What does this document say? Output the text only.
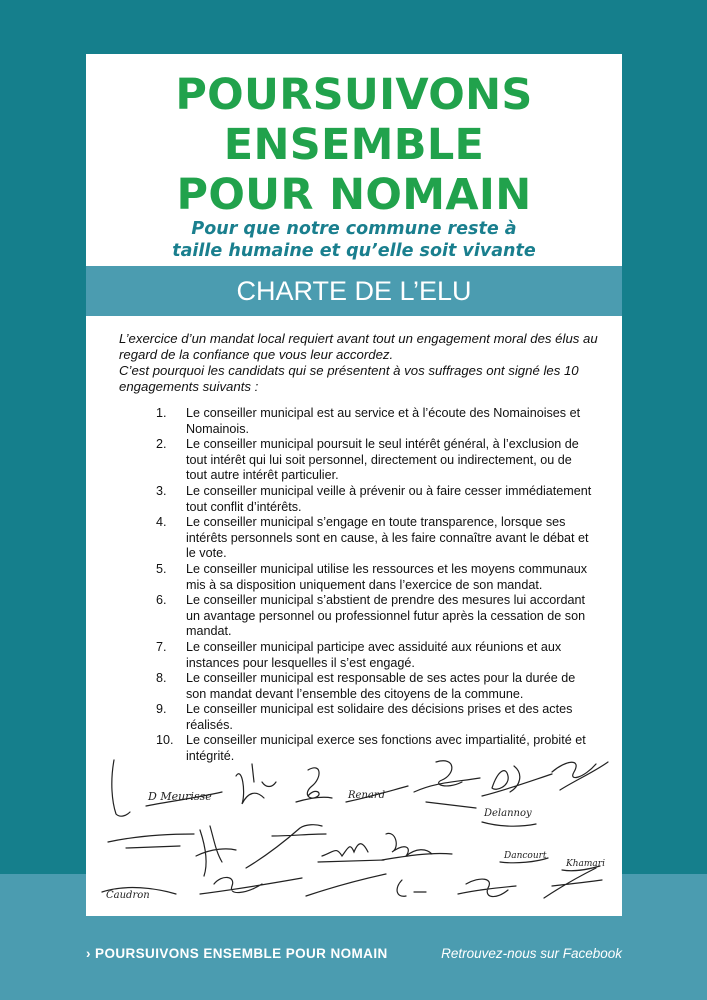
POURSUIVONS
ENSEMBLE
POUR NOMAIN
Pour que notre commune reste à
taille humaine et qu’elle soit vivante
CHARTE DE L’ELU

L’exercice d’un mandat local requiert avant tout un engagement moral des élus au regard de la confiance que vous leur accordez.

C’est pourquoi les candidats qui se présentent à vos suffrages ont signé les 10 engagements suivants :

1.	Le conseiller municipal est au service et à l’écoute des Nomainoises et Nomainois.
2.	Le conseiller municipal poursuit le seul intérêt général, à l’exclusion de tout intérêt qui lui soit personnel, directement ou indirectement, ou de tout autre intérêt particulier.
3.	Le conseiller municipal veille à prévenir ou à faire cesser immédiatement tout conflit d’intérêts.
4.	Le conseiller municipal s’engage en toute transparence, lorsque ses intérêts personnels sont en cause, à les faire connaître avant le débat et le vote.
5.	Le conseiller municipal utilise les ressources et les moyens communaux mis à sa disposition uniquement dans l’exercice de son mandat.
6.	Le conseiller municipal s’abstient de prendre des mesures lui accordant un avantage personnel ou professionnel futur après la cessation de son mandat.
7.	Le conseiller municipal participe avec assiduité aux réunions et aux instances pour lesquelles il s’est engagé.
8.	Le conseiller municipal est responsable de ses actes pour la durée de son mandat devant l’ensemble des citoyens de la commune.
9.	Le conseiller municipal est solidaire des décisions prises et des actes réalisés.
10. Le conseiller municipal exerce ses fonctions avec impartialité, probité et intégrité.
D Meurisse	Renard
Delannoy
Dancourt
Khamari
Caudron
› POURSUIVONS ENSEMBLE POUR NOMAIN	Retrouvez-nous sur Facebook
